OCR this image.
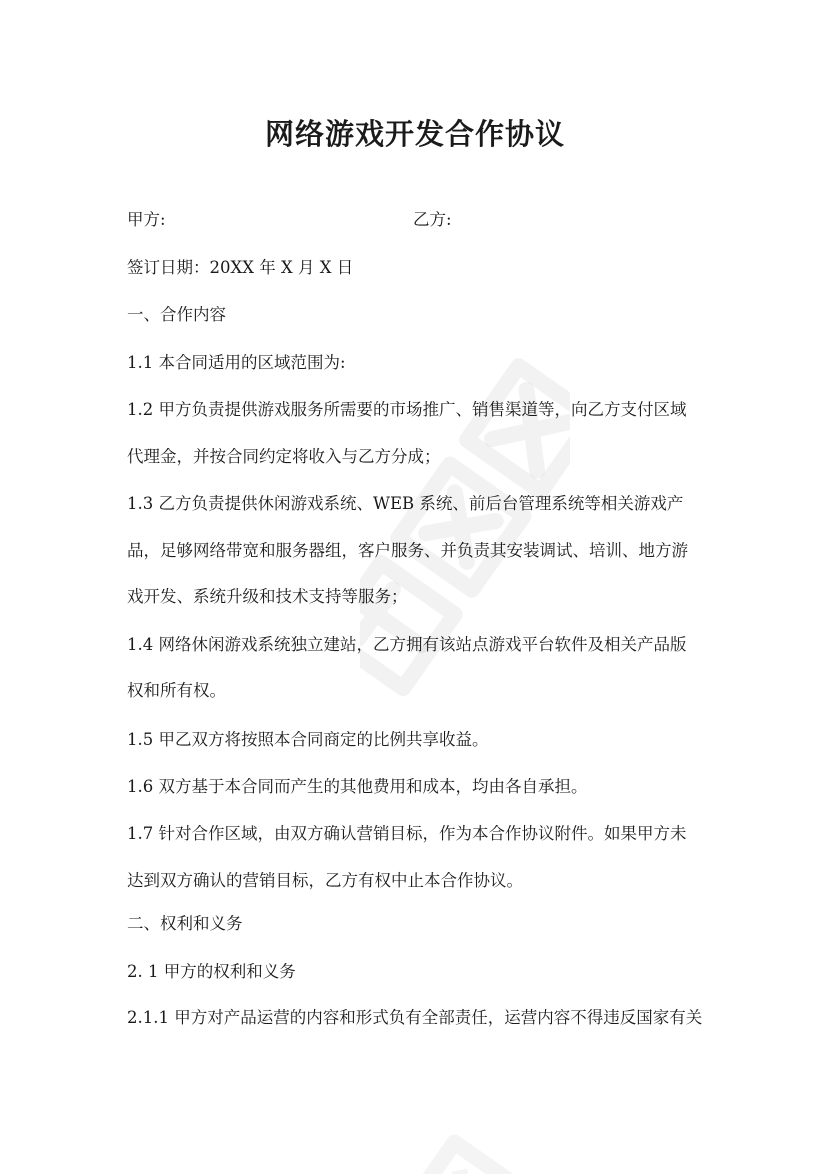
网络游戏开发合作协议

甲方:	乙方:

签订日期：20XX 年 X 月 X 日

一、合作内容

1.1 本合同适用的区域范围为:

1.2 甲方负责提供游戏服务所需要的市场推广、销售渠道等，向乙方支付区域

代理金，并按合同约定将收入与乙方分成；

1.3 乙方负责提供休闲游戏系统、WEB 系统、前后台管理系统等相关游戏产

品，足够网络带宽和服务器组，客户服务、并负责其安装调试、培训、地方游

戏开发、系统升级和技术支持等服务；

1.4 网络休闲游戏系统独立建站，乙方拥有该站点游戏平台软件及相关产品版

权和所有权。

1.5 甲乙双方将按照本合同商定的比例共享收益。

1.6 双方基于本合同而产生的其他费用和成本，均由各自承担。

1.7 针对合作区域，由双方确认营销目标，作为本合作协议附件。如果甲方未

达到双方确认的营销目标，乙方有权中止本合作协议。

二、权利和义务

2. 1 甲方的权利和义务

2.1.1 甲方对产品运营的内容和形式负有全部责任，运营内容不得违反国家有关
